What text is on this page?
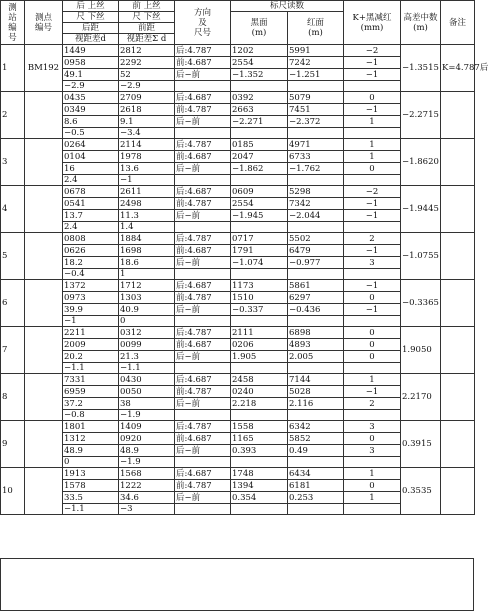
测
站
编
号	测点
编号	后 上丝	前 上丝	方向
及
尺号	标尺读数		K+黑减红
(mm)	高差中数
(m)	备注
		尺 下丝	尺 下丝		黑面
(m)	红面
(m)			

		后距	前距						
		视距差d	视距差Σ d						
1	BM192	1449	2812	后:4.787	1202	5991	−2	−1.3515	K=4.787后
		0958	2292	前:4.687	2554	7242	−1		
		49.1	52	后−前	−1.352	−1.251	−1		
		−2.9	−2.9						
2		0435	2709	后:4.687	0392	5079	0	−2.2715	
		0349	2618	前:4.787	2663	7451	−1		
		8.6	9.1	后−前	−2.271	−2.372	1		
		−0.5	−3.4						
3		0264	2114	后:4.787	0185	4971	1	−1.8620	
		0104	1978	前:4.687	2047	6733	1		
		16	13.6	后−前	−1.862	−1.762	0		
		2.4	−1						
4		0678	2611	后:4.687	0609	5298	−2	−1.9445	
		0541	2498	前:4.787	2554	7342	−1		
		13.7	11.3	后−前	−1.945	−2.044	−1		
		2.4	1.4						
5		0808	1884	后:4.787	0717	5502	2	−1.0755	
		0626	1698	前:4.687	1791	6479	−1		
		18.2	18.6	后−前	−1.074	−0.977	3		
		−0.4	1						
6		1372	1712	后:4.687	1173	5861	−1	−0.3365	
		0973	1303	前:4.787	1510	6297	0		
		39.9	40.9	后−前	−0.337	−0.436	−1		
		−1	0						
7		2211	0312	后:4.787	2111	6898	0	1.9050	
		2009	0099	前:4.687	0206	4893	0		
		20.2	21.3	后−前	1.905	2.005	0		
		−1.1	−1.1						
8		7331	0430	后:4.687	2458	7144	1	2.2170	
		6959	0050	前:4.787	0240	5028	−1		
		37.2	38	后−前	2.218	2.116	2		
		−0.8	−1.9						
9		1801	1409	后:4.787	1558	6342	3	0.3915	
		1312	0920	前:4.687	1165	5852	0		
		48.9	48.9	后−前	0.393	0.49	3		
		0	−1.9						
10		1913	1568	后:4.687	1748	6434	1	0.3535	
		1578	1222	前:4.787	1394	6181	0		
		33.5	34.6	后−前	0.354	0.253	1		
		−1.1	−3						
